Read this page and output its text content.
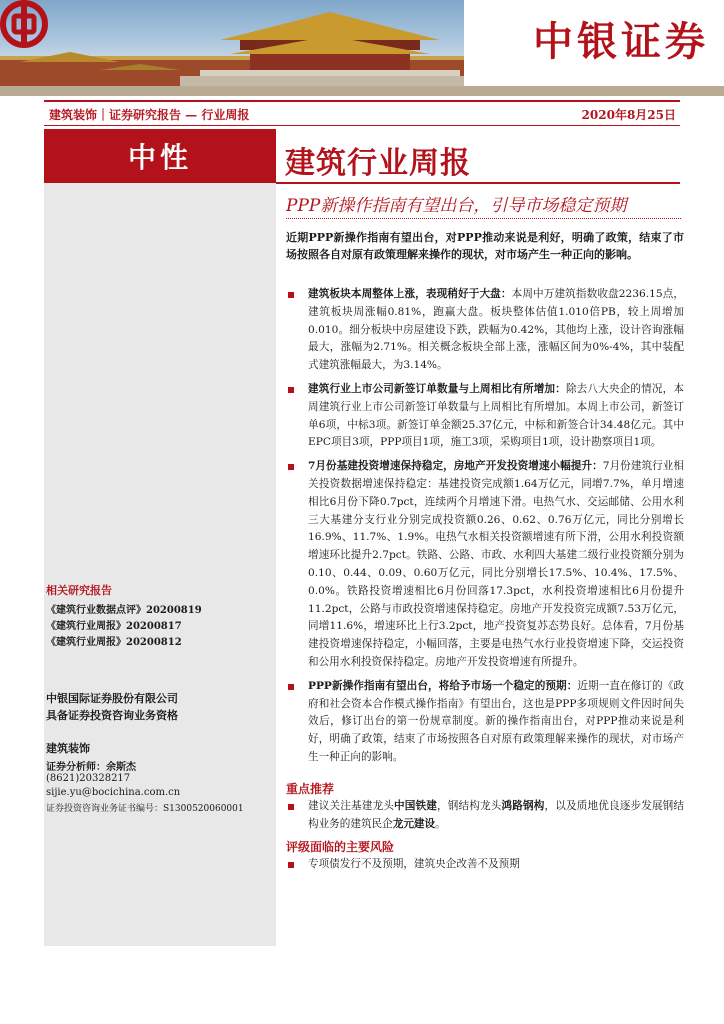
中银证券
建筑装饰｜证券研究报告 — 行业周报	2020年8月25日
中性
相关研究报告
《建筑行业数据点评》20200819
《建筑行业周报》20200817
《建筑行业周报》20200812
中银国际证券股份有限公司
具备证券投资咨询业务资格
建筑装饰
证券分析师：余斯杰
(8621)20328217
sijie.yu@bocichina.com.cn
证券投资咨询业务证书编号：S1300520060001
建筑行业周报
PPP新操作指南有望出台，引导市场稳定预期
近期PPP新操作指南有望出台，对PPP推动来说是利好，明确了政策，结束了市场按照各自对原有政策理解来操作的现状，对市场产生一种正向的影响。
建筑板块本周整体上涨，表现稍好于大盘：本周中万建筑指数收盘2236.15点，建筑板块周涨幅0.81%，跑赢大盘。板块整体估值1.010倍PB，较上周增加0.010。细分板块中房屋建设下跌，跌幅为0.42%，其他均上涨，设计咨询涨幅最大，涨幅为2.71%。相关概念板块全部上涨，涨幅区间为0%-4%，其中装配式建筑涨幅最大，为3.14%。
建筑行业上市公司新签订单数量与上周相比有所增加：除去八大央企的情况，本周建筑行业上市公司新签订单数量与上周相比有所增加。本周上市公司，新签订单6项，中标3项。新签订单金额25.37亿元，中标和新签合计34.48亿元。其中EPC项目3项，PPP项目1项，施工3项，采购项目1项，设计勘察项目1项。
7月份基建投资增速保持稳定，房地产开发投资增速小幅提升：7月份建筑行业相关投资数据增速保持稳定：基建投资完成额1.64万亿元，同增7.7%，单月增速相比6月份下降0.7pct，连续两个月增速下滑。电热气水、交运邮储、公用水利三大基建分支行业分别完成投资额0.26、0.62、0.76万亿元，同比分别增长16.9%、11.7%、1.9%。电热气水相关投资额增速有所下滑，公用水利投资额增速环比提升2.7pct。铁路、公路、市政、水利四大基建二级行业投资额分别为0.10、0.44、0.09、0.60万亿元，同比分别增长17.5%、10.4%、17.5%、0.0%。铁路投资增速相比6月份回落17.3pct，水利投资增速相比6月份提升11.2pct，公路与市政投资增速保持稳定。房地产开发投资完成额7.53万亿元，同增11.6%，增速环比上行3.2pct，地产投资复苏态势良好。总体看，7月份基建投资增速保持稳定，小幅回落，主要是电热气水行业投资增速下降，交运投资和公用水利投资保持稳定。房地产开发投资增速有所提升。
PPP新操作指南有望出台，将给予市场一个稳定的预期：近期一直在修订的《政府和社会资本合作模式操作指南》有望出台，这也是PPP多项规则文件因时间失效后，修订出台的第一份规章制度。新的操作指南出台，对PPP推动来说是利好，明确了政策，结束了市场按照各自对原有政策理解来操作的现状，对市场产生一种正向的影响。
重点推荐
建议关注基建龙头中国铁建，钢结构龙头鸿路钢构，以及质地优良逐步发展钢结构业务的建筑民企龙元建设。
评级面临的主要风险
专项债发行不及预期，建筑央企改善不及预期
